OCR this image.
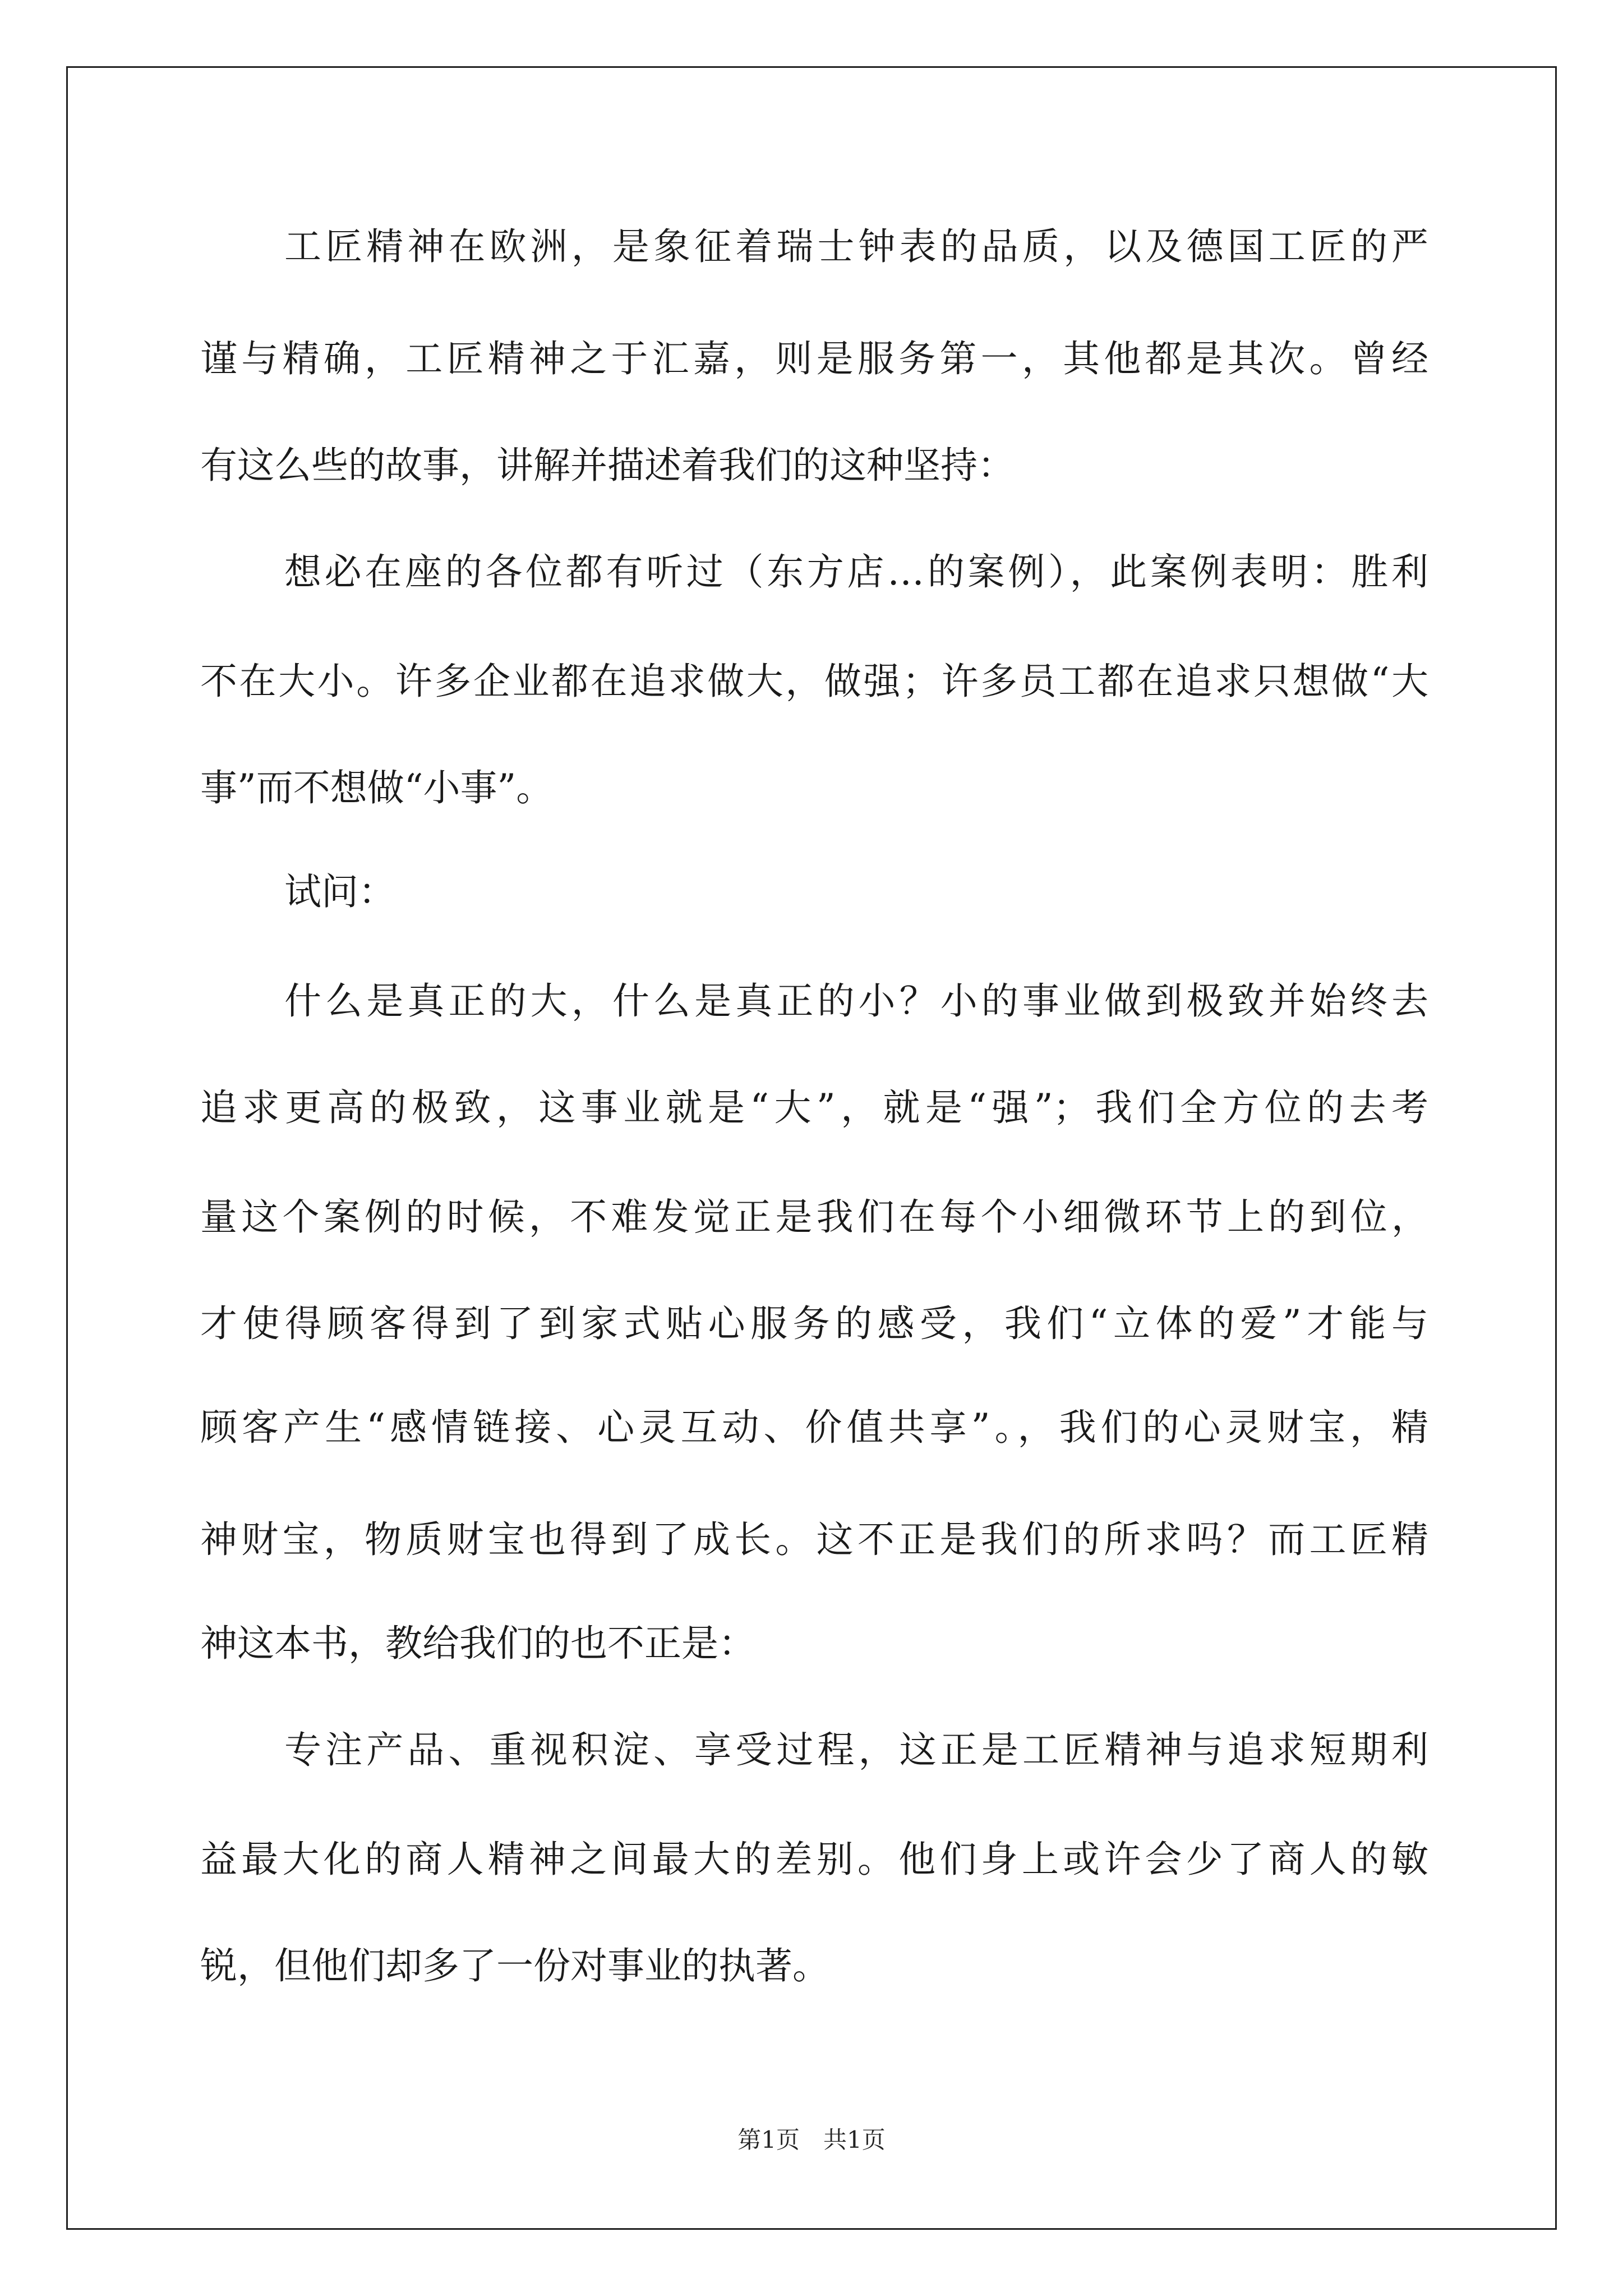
工匠精神在欧洲，是象征着瑞士钟表的品质，以及德国工匠的严
谨与精确，工匠精神之于汇嘉，则是服务第一，其他都是其次。曾经
有这么些的故事，讲解并描述着我们的这种坚持：
想必在座的各位都有听过（东方店…的案例），此案例表明：胜利
不在大小。许多企业都在追求做大，做强；许多员工都在追求只想做“大
事”而不想做“小事”。
试问：
什么是真正的大，什么是真正的小？小的事业做到极致并始终去
追求更高的极致，这事业就是“大”，就是“强”；我们全方位的去考
量这个案例的时候，不难发觉正是我们在每个小细微环节上的到位，
才使得顾客得到了到家式贴心服务的感受，我们“立体的爱”才能与
顾客产生“感情链接、心灵互动、价值共享”。，我们的心灵财宝，精
神财宝，物质财宝也得到了成长。这不正是我们的所求吗？而工匠精
神这本书，教给我们的也不正是：
专注产品、重视积淀、享受过程，这正是工匠精神与追求短期利
益最大化的商人精神之间最大的差别。他们身上或许会少了商人的敏
锐，但他们却多了一份对事业的执著。
第1页　共1页
